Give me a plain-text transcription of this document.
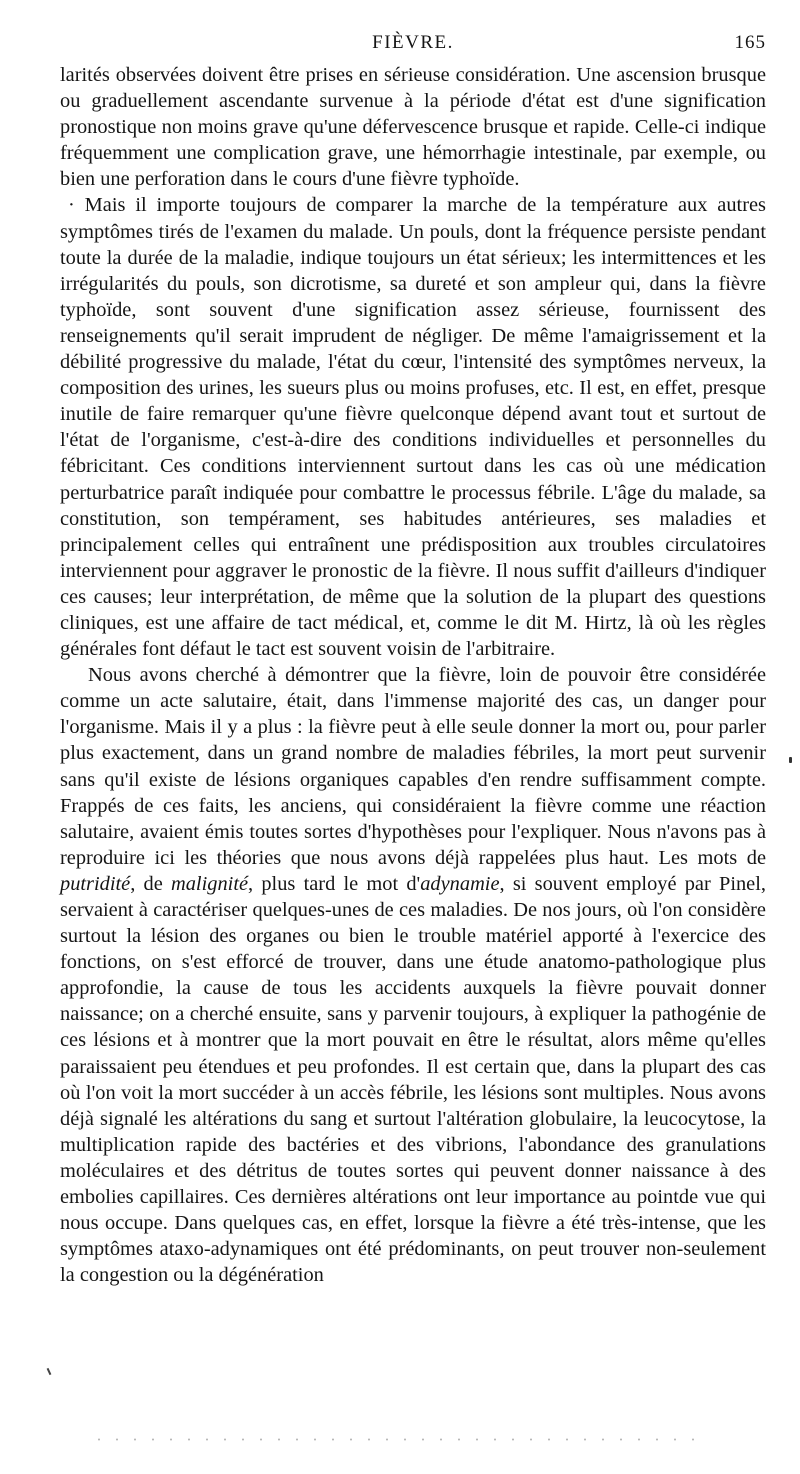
FIÈVRE.	165

larités observées doivent être prises en sérieuse considération. Une ascension brusque ou graduellement ascendante survenue à la période d'état est d'une signification pronostique non moins grave qu'une défervescence brusque et rapide. Celle-ci indique fréquemment une complication grave, une hémorrhagie intestinale, par exemple, ou bien une perforation dans le cours d'une fièvre typhoïde.

· Mais il importe toujours de comparer la marche de la température aux autres symptômes tirés de l'examen du malade. Un pouls, dont la fréquence persiste pendant toute la durée de la maladie, indique toujours un état sérieux; les intermittences et les irrégularités du pouls, son dicrotisme, sa dureté et son ampleur qui, dans la fièvre typhoïde, sont souvent d'une signification assez sérieuse, fournissent des renseignements qu'il serait imprudent de négliger. De même l'amaigrissement et la débilité progressive du malade, l'état du cœur, l'intensité des symptômes nerveux, la composition des urines, les sueurs plus ou moins profuses, etc. Il est, en effet, presque inutile de faire remarquer qu'une fièvre quelconque dépend avant tout et surtout de l'état de l'organisme, c'est-à-dire des conditions individuelles et personnelles du fébricitant. Ces conditions interviennent surtout dans les cas où une médication perturbatrice paraît indiquée pour combattre le processus fébrile. L'âge du malade, sa constitution, son tempérament, ses habitudes antérieures, ses maladies et principalement celles qui entraînent une prédisposition aux troubles circulatoires interviennent pour aggraver le pronostic de la fièvre. Il nous suffit d'ailleurs d'indiquer ces causes; leur interprétation, de même que la solution de la plupart des questions cliniques, est une affaire de tact médical, et, comme le dit M. Hirtz, là où les règles générales font défaut le tact est souvent voisin de l'arbitraire.

Nous avons cherché à démontrer que la fièvre, loin de pouvoir être considérée comme un acte salutaire, était, dans l'immense majorité des cas, un danger pour l'organisme. Mais il y a plus : la fièvre peut à elle seule donner la mort ou, pour parler plus exactement, dans un grand nombre de maladies fébriles, la mort peut survenir sans qu'il existe de lésions organiques capables d'en rendre suffisamment compte. Frappés de ces faits, les anciens, qui considéraient la fièvre comme une réaction salutaire, avaient émis toutes sortes d'hypothèses pour l'expliquer. Nous n'avons pas à reproduire ici les théories que nous avons déjà rappelées plus haut. Les mots de putridité, de malignité, plus tard le mot d'adynamie, si souvent employé par Pinel, servaient à caractériser quelques-unes de ces maladies. De nos jours, où l'on considère surtout la lésion des organes ou bien le trouble matériel apporté à l'exercice des fonctions, on s'est efforcé de trouver, dans une étude anatomo-pathologique plus approfondie, la cause de tous les accidents auxquels la fièvre pouvait donner naissance; on a cherché ensuite, sans y parvenir toujours, à expliquer la pathogénie de ces lésions et à montrer que la mort pouvait en être le résultat, alors même qu'elles paraissaient peu étendues et peu profondes. Il est certain que, dans la plupart des cas où l'on voit la mort succéder à un accès fébrile, les lésions sont multiples. Nous avons déjà signalé les altérations du sang et surtout l'altération globulaire, la leucocytose, la multiplication rapide des bactéries et des vibrions, l'abondance des granulations moléculaires et des détritus de toutes sortes qui peuvent donner naissance à des embolies capillaires. Ces dernières altérations ont leur importance au pointde vue qui nous occupe. Dans quelques cas, en effet, lorsque la fièvre a été très-intense, que les symptômes ataxo-adynamiques ont été prédominants, on peut trouver non-seulement la congestion ou la dégénération
